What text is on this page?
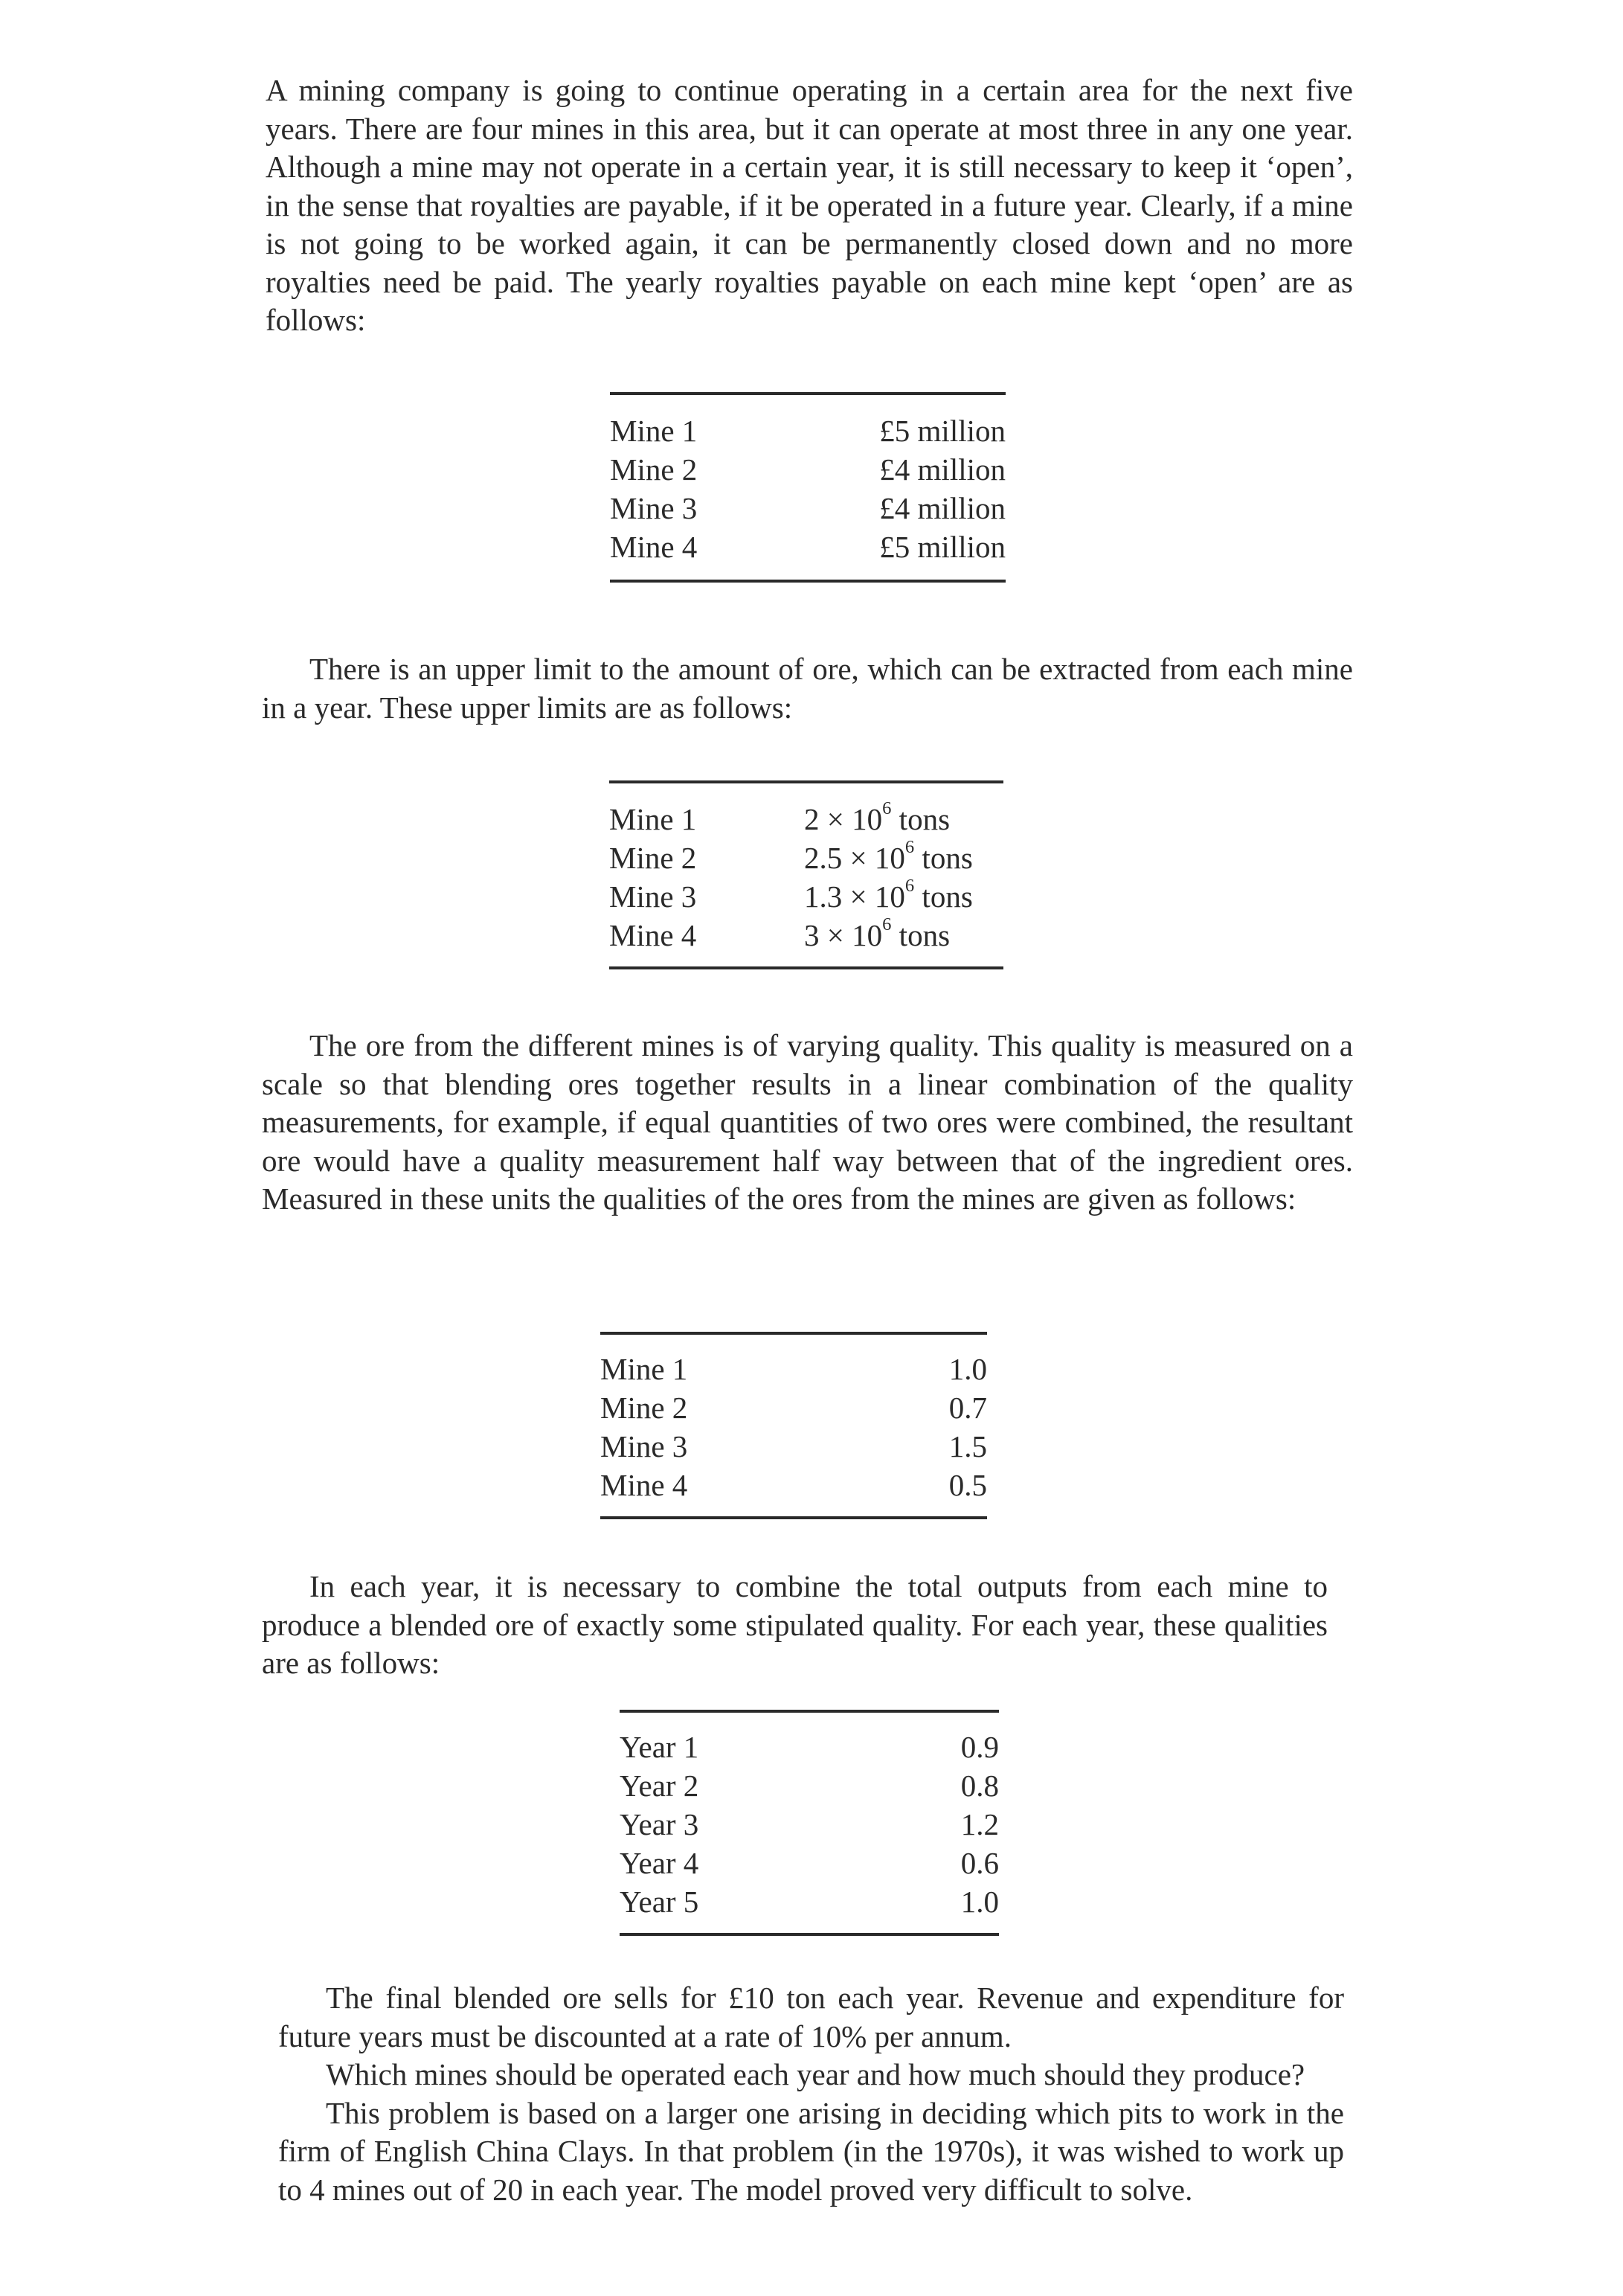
A mining company is going to continue operating in a certain area for the next five years. There are four mines in this area, but it can operate at most three in any one year. Although a mine may not operate in a certain year, it is still necessary to keep it ‘open’, in the sense that royalties are payable, if it be operated in a future year. Clearly, if a mine is not going to be worked again, it can be permanently closed down and no more royalties need be paid. The yearly royalties payable on each mine kept ‘open’ are as follows:

Mine 1	£5 million
Mine 2	£4 million
Mine 3	£4 million
Mine 4	£5 million

There is an upper limit to the amount of ore, which can be extracted from each mine in a year. These upper limits are as follows:

Mine 1	$2 \times 10^6$ tons
Mine 2	$2.5 \times 10^6$ tons
Mine 3	$1.3 \times 10^6$ tons
Mine 4	$3 \times 10^6$ tons

The ore from the different mines is of varying quality. This quality is measured on a scale so that blending ores together results in a linear combination of the quality measurements, for example, if equal quantities of two ores were combined, the resultant ore would have a quality measurement half way between that of the ingredient ores. Measured in these units the qualities of the ores from the mines are given as follows:

Mine 1	1.0
Mine 2	0.7
Mine 3	1.5
Mine 4	0.5

In each year, it is necessary to combine the total outputs from each mine to produce a blended ore of exactly some stipulated quality. For each year, these qualities are as follows:

Year 1	0.9
Year 2	0.8
Year 3	1.2
Year 4	0.6
Year 5	1.0

The final blended ore sells for £10 ton each year. Revenue and expenditure for future years must be discounted at a rate of 10% per annum.

Which mines should be operated each year and how much should they produce?

This problem is based on a larger one arising in deciding which pits to work in the firm of English China Clays. In that problem (in the 1970s), it was wished to work up to 4 mines out of 20 in each year. The model proved very difficult to solve.
